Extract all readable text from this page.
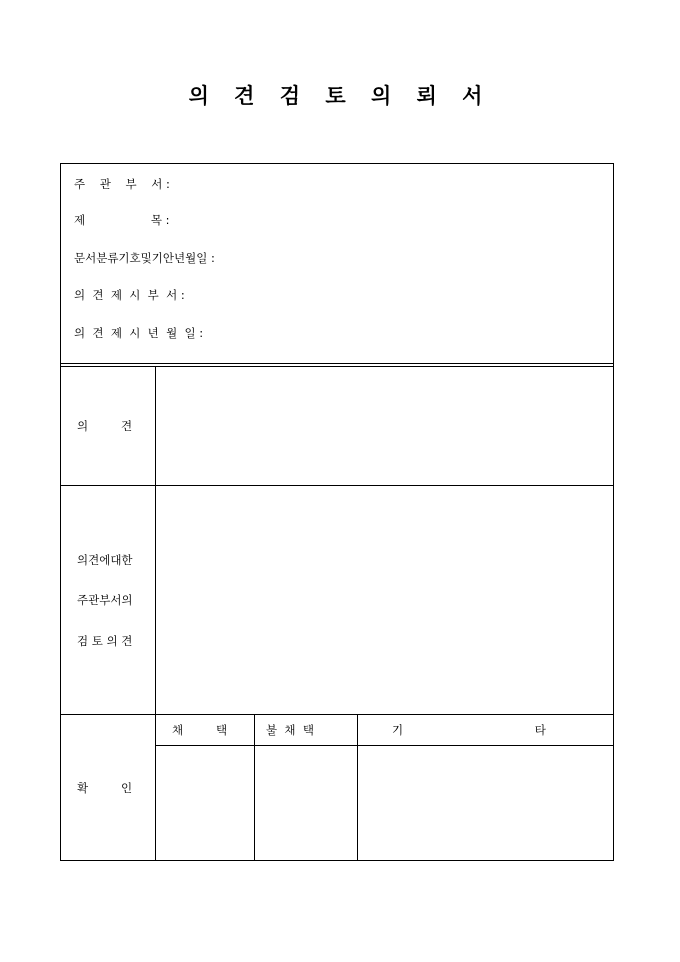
의 견 검 토 의 뢰 서
주    관    부    서 :
제                  목 :
문서분류기호및기안년월일 :
의  견  제  시  부  서 :
의  견  제  시  년  월  일 :
의         견
의견에대한
주관부서의
검 토 의 견
확         인
채         택	불  채  택	기                                    타
